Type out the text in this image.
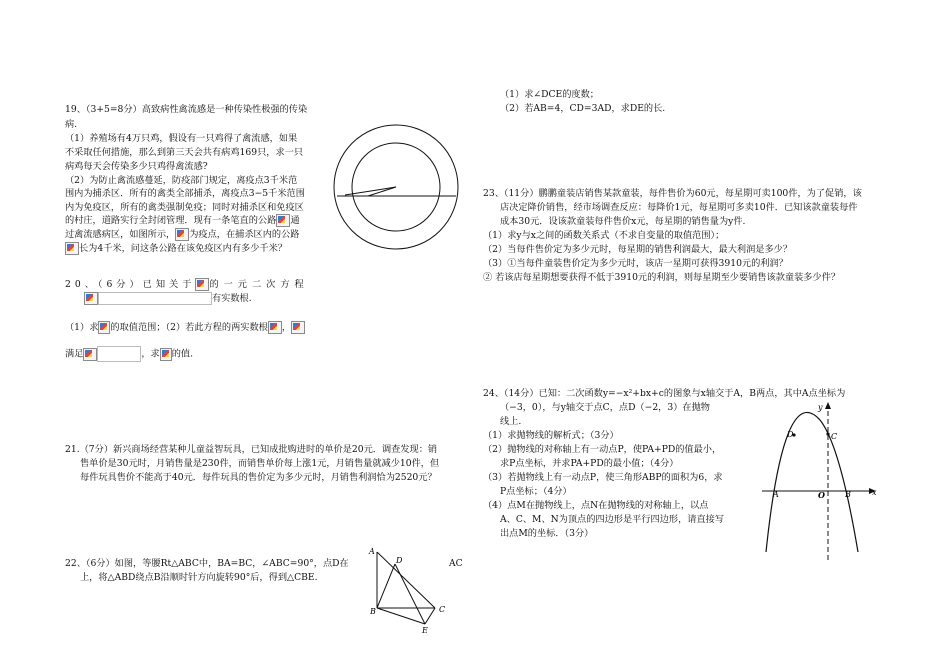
19、（3+5=8分）高致病性禽流感是一种传染性极强的传染
病.
（1）养殖场有4万只鸡，假设有一只鸡得了禽流感，如果
不采取任何措施，那么到第三天会共有病鸡169只，求一只
病鸡每天会传染多少只鸡得禽流感?
（2）为防止禽流感蔓延，防疫部门规定，离疫点3千米范
围内为捕杀区．所有的禽类全部捕杀，离疫点3−5千米范围
内为免疫区，所有的禽类强制免疫；同时对捕杀区和免疫区
的村庄，道路实行全封闭管理．现有一条笔直的公路 通
过禽流感病区，如图所示， 为疫点，在捕杀区内的公路
长为4千米，问这条公路在该免疫区内有多少千米？
20、（6分）已知关于 的一元二次方程
有实数根.
（1）求 的取值范围；（2）若此方程的两实数根 ，
满足	，求 的值.
21.（7分）新兴商场经营某种儿童益智玩具，已知成批购进时的单价是20元．调查发现：销
售单价是30元时，月销售量是230件，而销售单价每上涨1元，月销售量就减少10件，但
每件玩具售价不能高于40元．每件玩具的售价定为多少元时，月销售利润恰为2520元？
22、（6分）如图，等腰Rt△ABC中，BA=BC，∠ABC=90°，点D在	AC
上，将△ABD绕点B沿顺时针方向旋转90°后，得到△CBE.
A
D
B	C
E
（1）求∠DCE的度数；
（2）若AB=4，CD=3AD，求DE的长.
23、（11分）鹏鹏童装店销售某款童装，每件售价为60元，每星期可卖100件，为了促销，该
店决定降价销售，经市场调查反应：每降价1元，每星期可多卖10件．已知该款童装每件
成本30元．设该款童装每件售价x元，每星期的销售量为y件.
（1）求y与x之间的函数关系式（不求自变量的取值范围）；
（2）当每件售价定为多少元时，每星期的销售利润最大，最大利润是多少？
（3）①当每件童装售价定为多少元时，该店一星期可获得3910元的利润？
② 若该店每星期想要获得不低于3910元的利润，则每星期至少要销售该款童装多少件？
24、（14分）已知：二次函数y=−x²+bx+c的图象与x轴交于A，B两点，其中A点坐标为
（−3，0），与y轴交于点C，点D（−2，3）在抛物
线上.
（1）求抛物线的解析式；（3分）
（2）抛物线的对称轴上有一动点P，使PA+PD的值最小，
求P点坐标，并求PA+PD的最小值；（4分）
（3）若抛物线上有一动点P，使三角形ABP的面积为6，求
P点坐标；（4分）
（4）点M在抛物线上，点N在抛物线的对称轴上，以点
A、C、M、N为顶点的四边形是平行四边形，请直接写
出点M的坐标．（3分）
y
x
O
A	B
C
D
